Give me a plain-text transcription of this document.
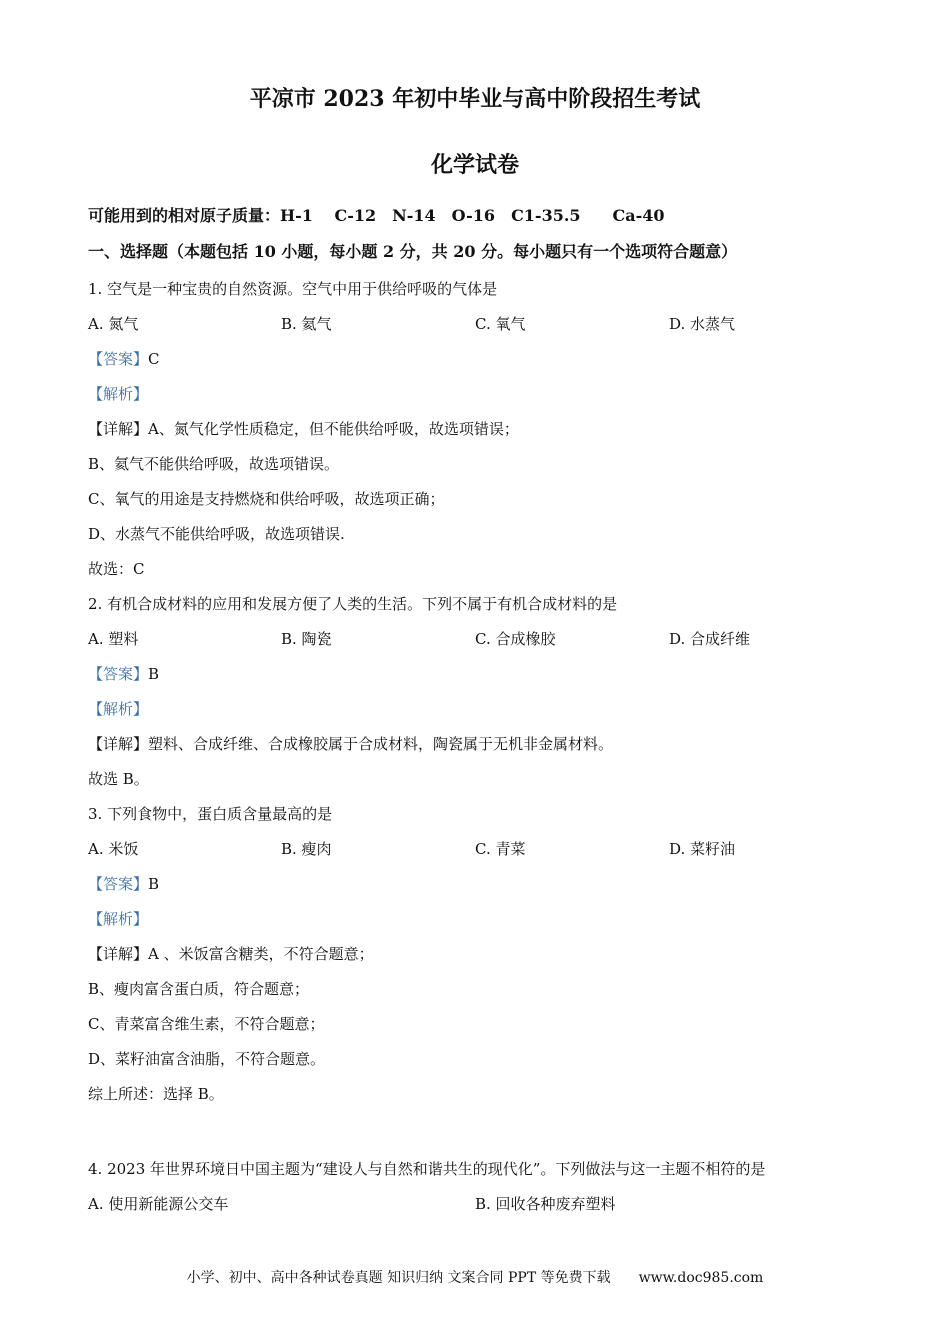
平凉市 2023 年初中毕业与高中阶段招生考试
化学试卷
可能用到的相对原子质量：H-1　 C-12　N-14　O-16　C1-35.5　　Ca-40
一、选择题（本题包括 10 小题，每小题 2 分，共 20 分。每小题只有一个选项符合题意）
1. 空气是一种宝贵的自然资源。空气中用于供给呼吸的气体是
A. 氮气	B. 氦气	C. 氧气	D. 水蒸气
【答案】C
【解析】
【详解】A、氮气化学性质稳定，但不能供给呼吸，故选项错误；
B、氦气不能供给呼吸，故选项错误。
C、氧气的用途是支持燃烧和供给呼吸，故选项正确；
D、水蒸气不能供给呼吸，故选项错误.
故选：C
2. 有机合成材料的应用和发展方便了人类的生活。下列不属于有机合成材料的是
A. 塑料	B. 陶瓷	C. 合成橡胶	D. 合成纤维
【答案】B
【解析】
【详解】塑料、合成纤维、合成橡胶属于合成材料，陶瓷属于无机非金属材料。
故选 B。
3. 下列食物中，蛋白质含量最高的是
A. 米饭	B. 瘦肉	C. 青菜	D. 菜籽油
【答案】B
【解析】
【详解】A 、米饭富含糖类，不符合题意；
B、瘦肉富含蛋白质，符合题意；
C、青菜富含维生素，不符合题意；
D、菜籽油富含油脂，不符合题意。
综上所述：选择 B。
4. 2023 年世界环境日中国主题为“建设人与自然和谐共生的现代化”。下列做法与这一主题不相符的是
A. 使用新能源公交车	B. 回收各种废弃塑料
小学、初中、高中各种试卷真题 知识归纳 文案合同 PPT 等免费下载　　www.doc985.com
